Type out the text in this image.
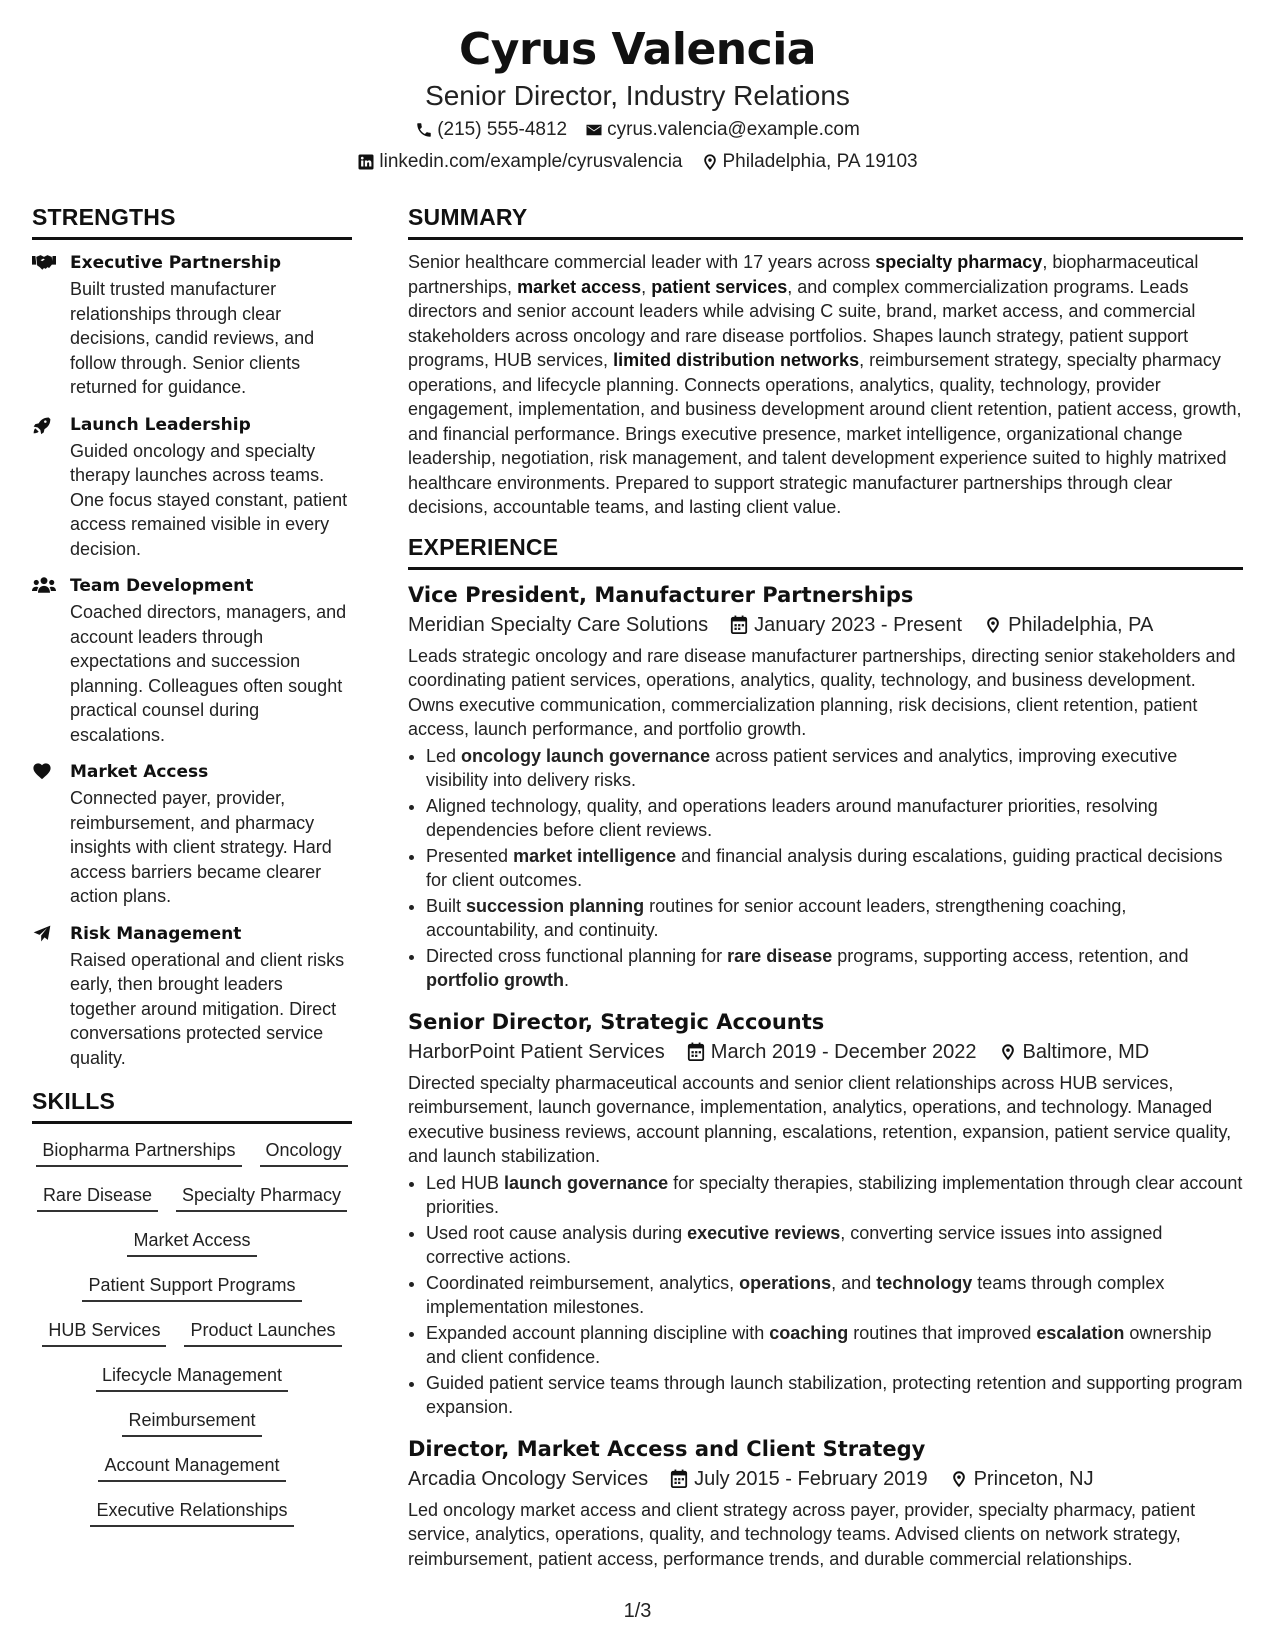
Cyrus Valencia
Senior Director, Industry Relations
(215) 555-4812 cyrus.valencia@example.com
linkedin.com/example/cyrusvalencia Philadelphia, PA 19103
STRENGTHS
Executive Partnership
Built trusted manufacturer relationships through clear decisions, candid reviews, and follow through. Senior clients returned for guidance.
Launch Leadership
Guided oncology and specialty therapy launches across teams. One focus stayed constant, patient access remained visible in every decision.
Team Development
Coached directors, managers, and account leaders through expectations and succession planning. Colleagues often sought practical counsel during escalations.
Market Access
Connected payer, provider, reimbursement, and pharmacy insights with client strategy. Hard access barriers became clearer action plans.
Risk Management
Raised operational and client risks early, then brought leaders together around mitigation. Direct conversations protected service quality.
SKILLS
Biopharma Partnerships	Oncology
Rare Disease	Specialty Pharmacy
Market Access
Patient Support Programs
HUB Services	Product Launches
Lifecycle Management
Reimbursement
Account Management
Executive Relationships
SUMMARY
Senior healthcare commercial leader with 17 years across specialty pharmacy, biopharmaceutical partnerships, market access, patient services, and complex commercialization programs. Leads directors and senior account leaders while advising C suite, brand, market access, and commercial stakeholders across oncology and rare disease portfolios. Shapes launch strategy, patient support programs, HUB services, limited distribution networks, reimbursement strategy, specialty pharmacy operations, and lifecycle planning. Connects operations, analytics, quality, technology, provider engagement, implementation, and business development around client retention, patient access, growth, and financial performance. Brings executive presence, market intelligence, organizational change leadership, negotiation, risk management, and talent development experience suited to highly matrixed healthcare environments. Prepared to support strategic manufacturer partnerships through clear decisions, accountable teams, and lasting client value.
EXPERIENCE
Vice President, Manufacturer Partnerships
Meridian Specialty Care Solutions January 2023 - Present Philadelphia, PA
Leads strategic oncology and rare disease manufacturer partnerships, directing senior stakeholders and coordinating patient services, operations, analytics, quality, technology, and business development. Owns executive communication, commercialization planning, risk decisions, client retention, patient access, launch performance, and portfolio growth.
• Led oncology launch governance across patient services and analytics, improving executive visibility into delivery risks.
• Aligned technology, quality, and operations leaders around manufacturer priorities, resolving dependencies before client reviews.
• Presented market intelligence and financial analysis during escalations, guiding practical decisions for client outcomes.
• Built succession planning routines for senior account leaders, strengthening coaching, accountability, and continuity.
• Directed cross functional planning for rare disease programs, supporting access, retention, and portfolio growth.
Senior Director, Strategic Accounts
HarborPoint Patient Services March 2019 - December 2022 Baltimore, MD
Directed specialty pharmaceutical accounts and senior client relationships across HUB services, reimbursement, launch governance, implementation, analytics, operations, and technology. Managed executive business reviews, account planning, escalations, retention, expansion, patient service quality, and launch stabilization.
• Led HUB launch governance for specialty therapies, stabilizing implementation through clear account priorities.
• Used root cause analysis during executive reviews, converting service issues into assigned corrective actions.
• Coordinated reimbursement, analytics, operations, and technology teams through complex implementation milestones.
• Expanded account planning discipline with coaching routines that improved escalation ownership and client confidence.
• Guided patient service teams through launch stabilization, protecting retention and supporting program expansion.
Director, Market Access and Client Strategy
Arcadia Oncology Services July 2015 - February 2019 Princeton, NJ
Led oncology market access and client strategy across payer, provider, specialty pharmacy, patient service, analytics, operations, quality, and technology teams. Advised clients on network strategy, reimbursement, patient access, performance trends, and durable commercial relationships.
1/3
